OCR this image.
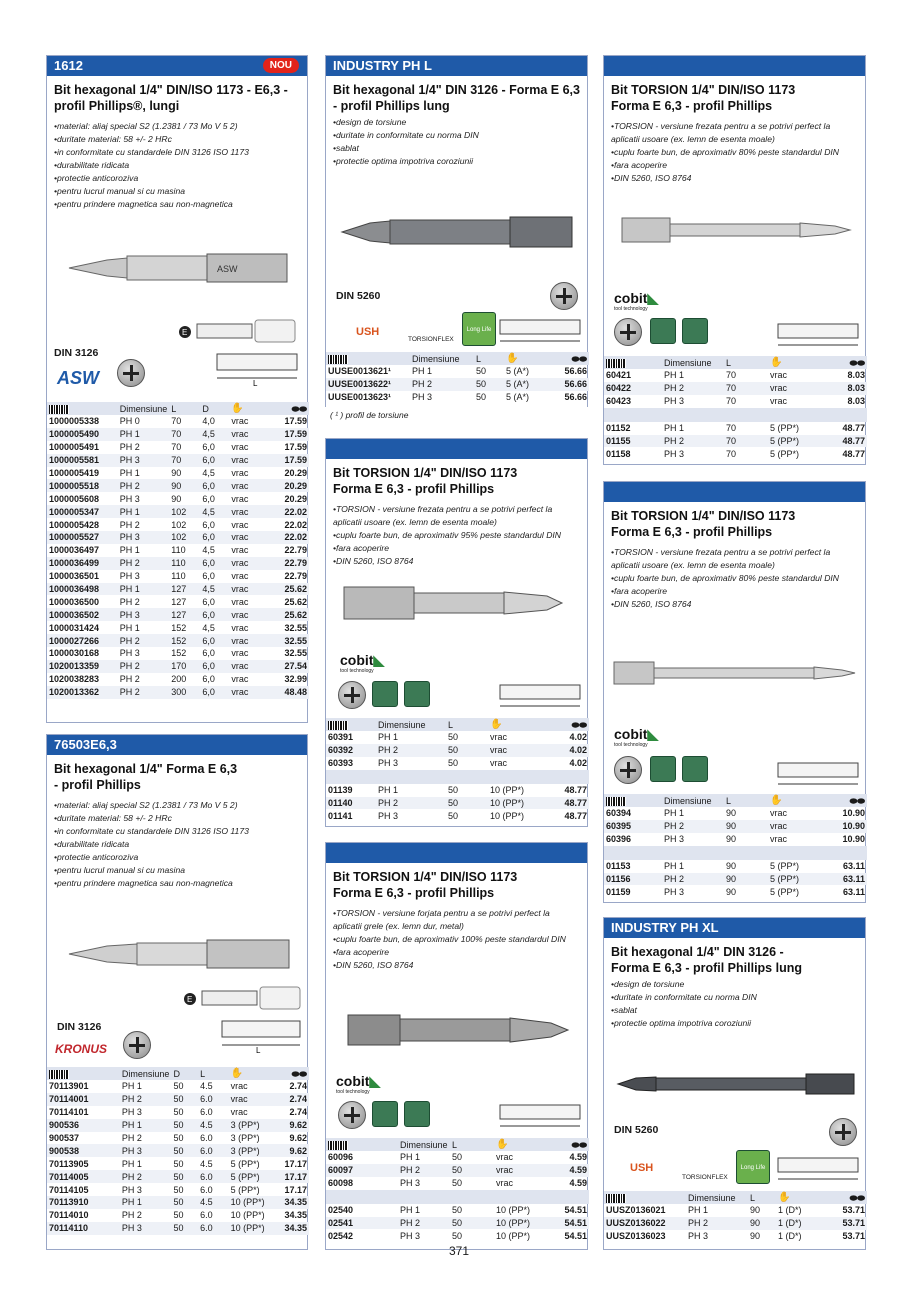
1612	NOU
Bit hexagonal 1/4" DIN/ISO 1173 - E6,3 - profil Phillips®, lungi
• material: aliaj special S2 (1.2381 / 73 Mo V 5 2)
• duritate material: 58 +/- 2 HRc
• in conformitate cu standardele DIN 3126 ISO 1173
• durabilitate ridicata
• protectie anticoroziva
• pentru lucrul manual si cu masina
• pentru prindere magnetica sau non-magnetica
ASW
E
L
DIN 3126
ASW
	Dimensiune	L	D	✋	⬬⬬
1000005338	PH 0	70	4,0	vrac	17.59
1000005490	PH 1	70	4,5	vrac	17.59
1000005491	PH 2	70	6,0	vrac	17.59
1000005581	PH 3	70	6,0	vrac	17.59
1000005419	PH 1	90	4,5	vrac	20.29
1000005518	PH 2	90	6,0	vrac	20.29
1000005608	PH 3	90	6,0	vrac	20.29
1000005347	PH 1	102	4,5	vrac	22.02
1000005428	PH 2	102	6,0	vrac	22.02
1000005527	PH 3	102	6,0	vrac	22.02
1000036497	PH 1	110	4,5	vrac	22.79
1000036499	PH 2	110	6,0	vrac	22.79
1000036501	PH 3	110	6,0	vrac	22.79
1000036498	PH 1	127	4,5	vrac	25.62
1000036500	PH 2	127	6,0	vrac	25.62
1000036502	PH 3	127	6,0	vrac	25.62
1000031424	PH 1	152	4,5	vrac	32.55
1000027266	PH 2	152	6,0	vrac	32.55
1000030168	PH 3	152	6,0	vrac	32.55
1020013359	PH 2	170	6,0	vrac	27.54
1020038283	PH 2	200	6,0	vrac	32.99
1020013362	PH 2	300	6,0	vrac	48.48
76503E6,3
Bit hexagonal 1/4" Forma E 6,3 - profil Phillips
• material: aliaj special S2 (1.2381 / 73 Mo V 5 2)
• duritate material: 58 +/- 2 HRc
• in conformitate cu standardele DIN 3126 ISO 1173
• durabilitate ridicata
• protectie anticoroziva
• pentru lucrul manual si cu masina
• pentru prindere magnetica sau non-magnetica
E
L
DIN 3126
KRONUS
	Dimensiune	D	L	✋	⬬⬬
70113901	PH 1	50	4.5	vrac	2.74
70114001	PH 2	50	6.0	vrac	2.74
70114101	PH 3	50	6.0	vrac	2.74
900536	PH 1	50	4.5	3 (PP*)	9.62
900537	PH 2	50	6.0	3 (PP*)	9.62
900538	PH 3	50	6.0	3 (PP*)	9.62
70113905	PH 1	50	4.5	5 (PP*)	17.17
70114005	PH 2	50	6.0	5 (PP*)	17.17
70114105	PH 3	50	6.0	5 (PP*)	17.17
70113910	PH 1	50	4.5	10 (PP*)	34.35
70114010	PH 2	50	6.0	10 (PP*)	34.35
70114110	PH 3	50	6.0	10 (PP*)	34.35
INDUSTRY PH L
Bit hexagonal 1/4" DIN 3126 - Forma E 6,3 - profil Phillips lung
• design de torsiune
• duritate in conformitate cu norma DIN
• sablat
• protectie optima impotriva coroziunii
DIN 5260
USH
TORSIONFLEX
Long Life
	Dimensiune	L	✋	⬬⬬
UUSE0013621¹	PH 1	50	5 (A*)	56.66
UUSE0013622¹	PH 2	50	5 (A*)	56.66
UUSE0013623¹	PH 3	50	5 (A*)	56.66
( ¹ ) profil de torsiune
Bit TORSION 1/4" DIN/ISO 1173 Forma E 6,3 - profil Phillips
• TORSION - versiune frezata pentru a se potrivi perfect la aplicatii usoare (ex. lemn de esenta moale)
• cuplu foarte bun, de aproximativ 95% peste standardul DIN
• fara acoperire
• DIN 5260, ISO 8764
cobit◣
tool technology
	Dimensiune	L	✋	⬬⬬
60391	PH 1	50	vrac	4.02
60392	PH 2	50	vrac	4.02
60393	PH 3	50	vrac	4.02

01139	PH 1	50	10 (PP*)	48.77
01140	PH 2	50	10 (PP*)	48.77
01141	PH 3	50	10 (PP*)	48.77
Bit TORSION 1/4" DIN/ISO 1173 Forma E 6,3 - profil Phillips
• TORSION - versiune forjata pentru a se potrivi perfect la aplicatii grele (ex. lemn dur, metal)
• cuplu foarte bun, de aproximativ 100% peste standardul DIN
• fara acoperire
• DIN 5260, ISO 8764
cobit◣
tool technology
	Dimensiune	L	✋	⬬⬬
60096	PH 1	50	vrac	4.59
60097	PH 2	50	vrac	4.59
60098	PH 3	50	vrac	4.59

02540	PH 1	50	10 (PP*)	54.51
02541	PH 2	50	10 (PP*)	54.51
02542	PH 3	50	10 (PP*)	54.51
Bit TORSION 1/4" DIN/ISO 1173 Forma E 6,3 - profil Phillips
• TORSION - versiune frezata pentru a se potrivi perfect la aplicatii usoare (ex. lemn de esenta moale)
• cuplu foarte bun, de aproximativ 80% peste standardul DIN
• fara acoperire
• DIN 5260, ISO 8764
cobit◣
tool technology
	Dimensiune	L	✋	⬬⬬
60421	PH 1	70	vrac	8.03
60422	PH 2	70	vrac	8.03
60423	PH 3	70	vrac	8.03

01152	PH 1	70	5 (PP*)	48.77
01155	PH 2	70	5 (PP*)	48.77
01158	PH 3	70	5 (PP*)	48.77
Bit TORSION 1/4" DIN/ISO 1173 Forma E 6,3 - profil Phillips
• TORSION - versiune frezata pentru a se potrivi perfect la aplicatii usoare (ex. lemn de esenta moale)
• cuplu foarte bun, de aproximativ 80% peste standardul DIN
• fara acoperire
• DIN 5260, ISO 8764
cobit◣
tool technology
	Dimensiune	L	✋	⬬⬬
60394	PH 1	90	vrac	10.90
60395	PH 2	90	vrac	10.90
60396	PH 3	90	vrac	10.90

01153	PH 1	90	5 (PP*)	63.11
01156	PH 2	90	5 (PP*)	63.11
01159	PH 3	90	5 (PP*)	63.11
INDUSTRY PH XL
Bit hexagonal 1/4" DIN 3126 - Forma E 6,3 - profil Phillips lung
• design de torsiune
• duritate in conformitate cu norma DIN
• sablat
• protectie optima impotriva coroziunii
DIN 5260
USH
TORSIONFLEX
Long Life
	Dimensiune	L	✋	⬬⬬
UUSZ0136021	PH 1	90	1 (D*)	53.71
UUSZ0136022	PH 2	90	1 (D*)	53.71
UUSZ0136023	PH 3	90	1 (D*)	53.71
371
